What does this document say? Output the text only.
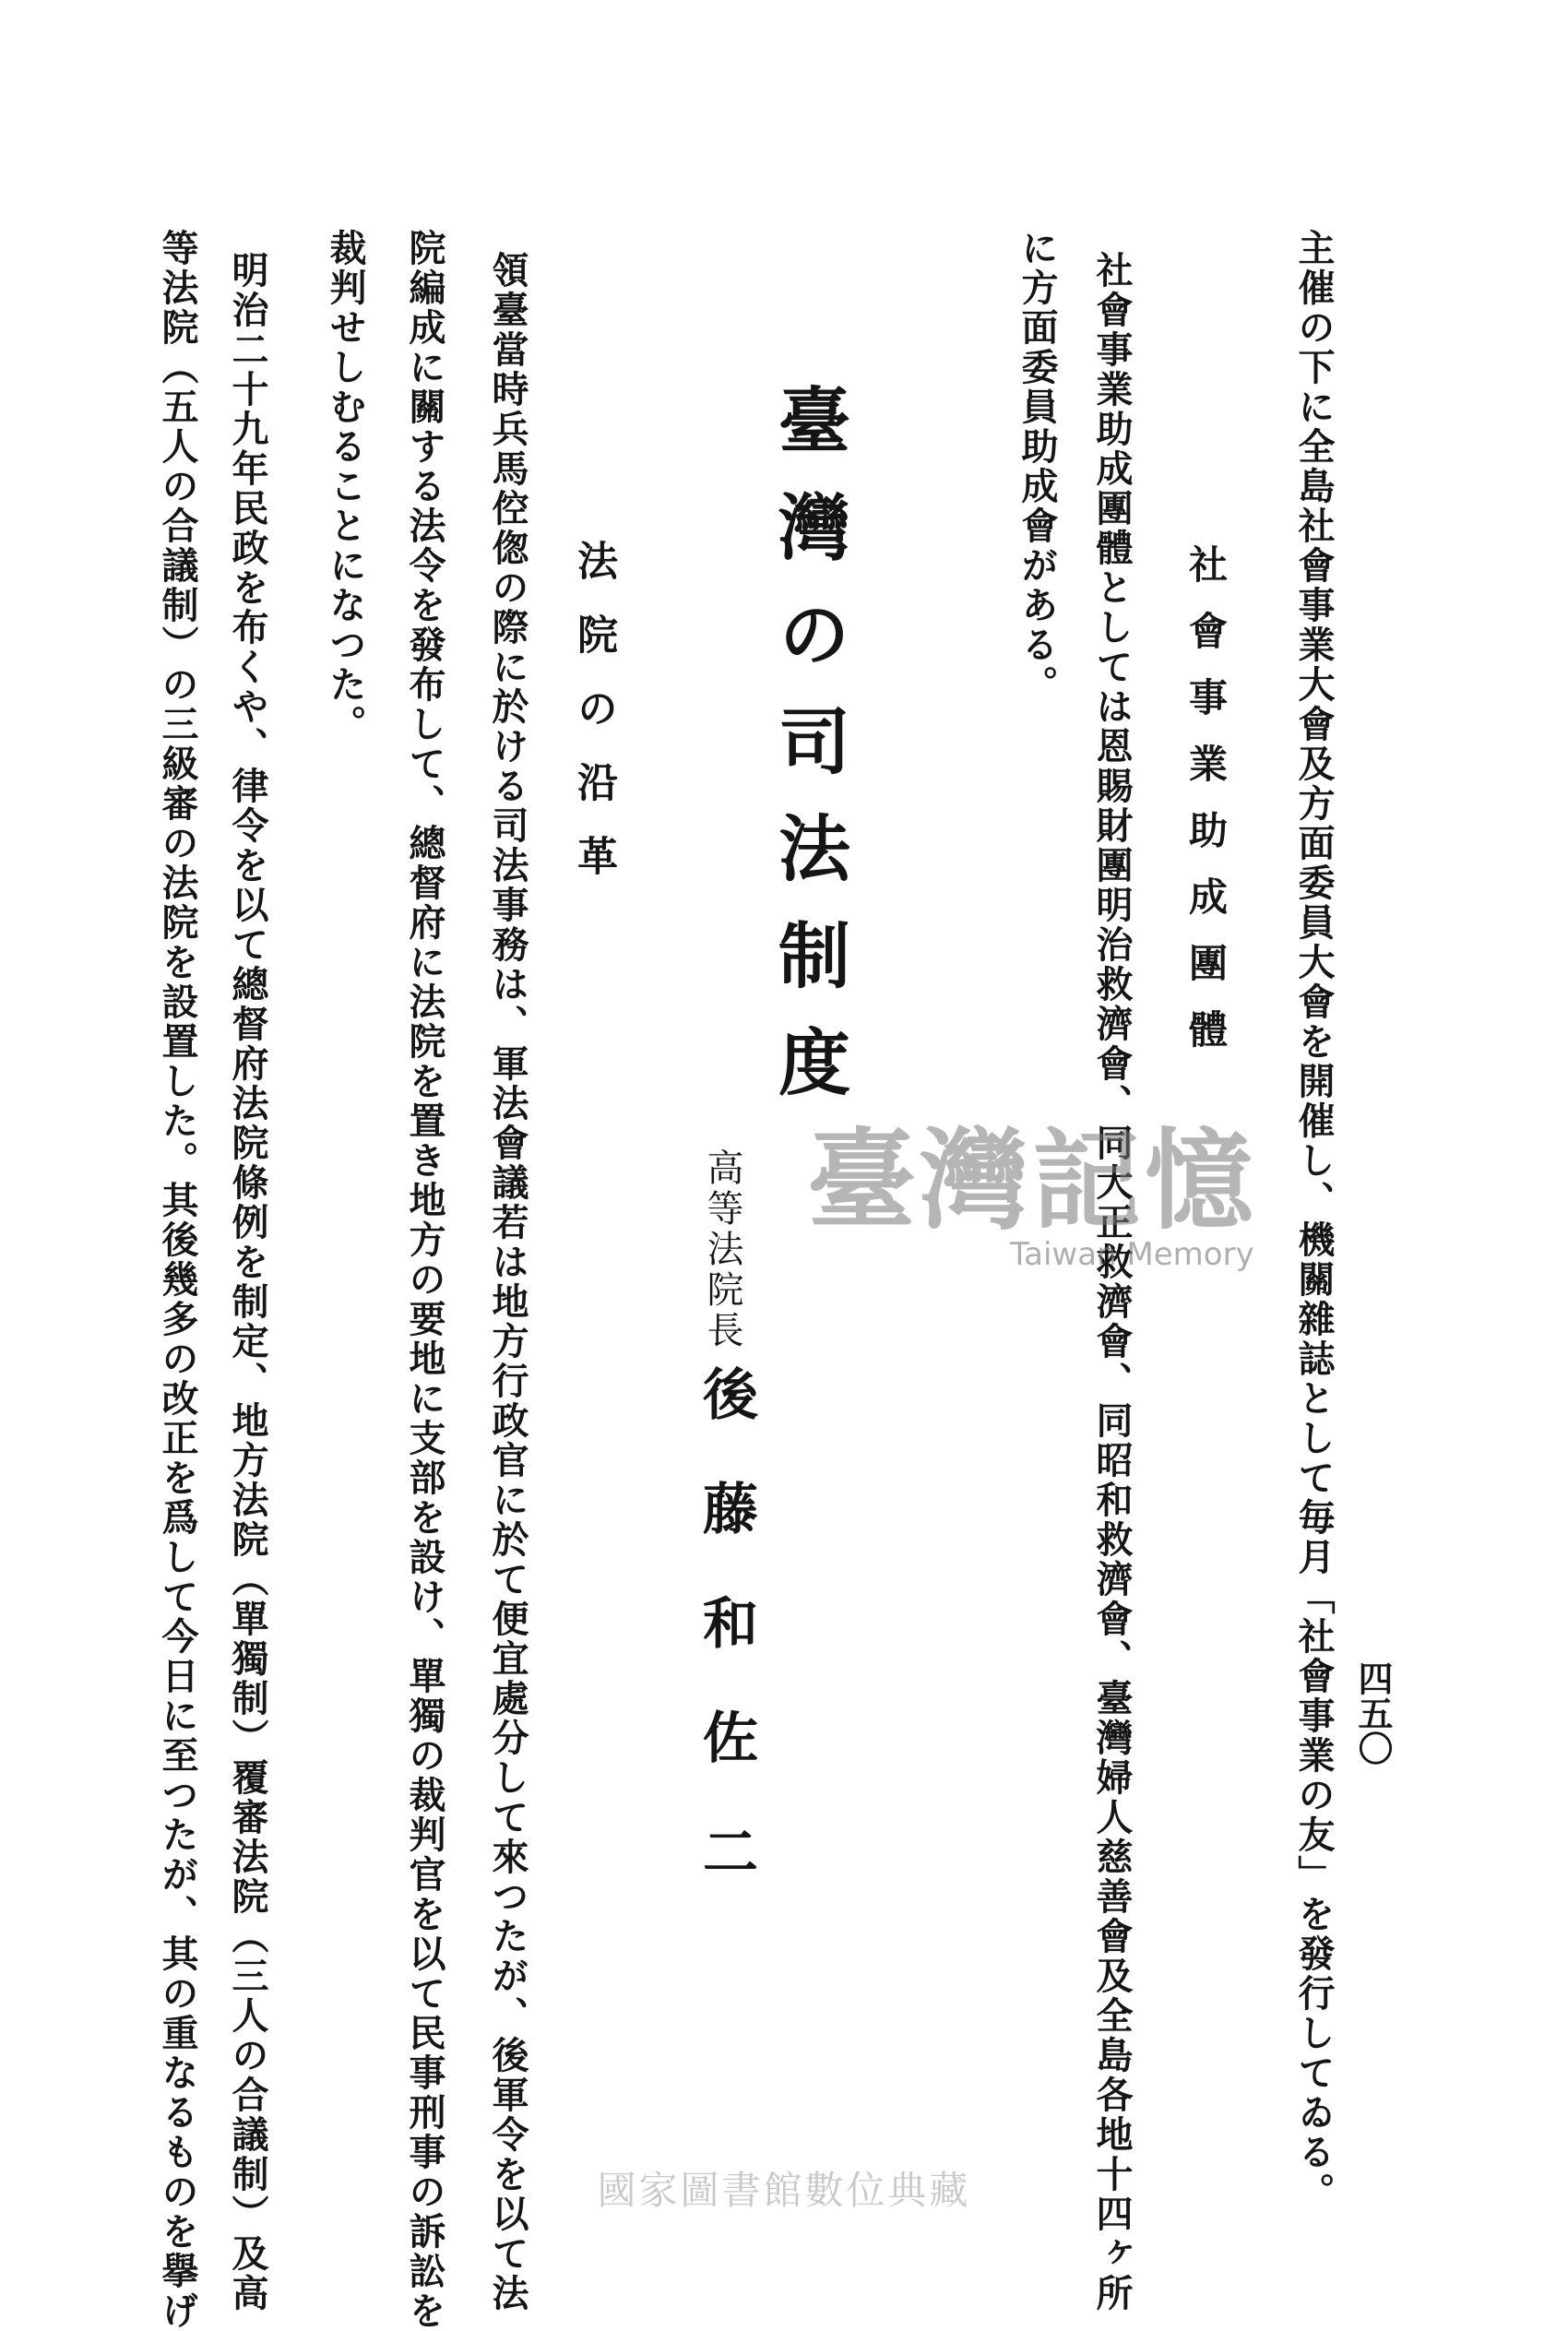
四五〇

主催の下に全島社會事業大會及方面委員大會を開催し、機關雜誌として毎月「社會事業の友」を發行してゐる。

社會事業助成團體

社會事業助成團體としては恩賜財團明治救濟會、同大正救濟會、同昭和救濟會、臺灣婦人慈善會及全島各地十四ヶ所

に方面委員助成會がある。

臺灣の司法制度
高等法院長
後藤和佐二
法院の沿革

領臺當時兵馬倥偬の際に於ける司法事務は、軍法會議若は地方行政官に於て便宜處分して來つたが、後軍令を以て法

院編成に關する法令を發布して、總督府に法院を置き地方の要地に支部を設け、單獨の裁判官を以て民事刑事の訴訟を

裁判せしむることになつた。

明治二十九年民政を布くや、律令を以て總督府法院條例を制定、地方法院（單獨制）覆審法院（三人の合議制）及高

等法院（五人の合議制）の三級審の法院を設置した。其後幾多の改正を爲して今日に至つたが、其の重なるものを擧げ	臺灣記憶
Taiwan Memory
國家圖書館數位典藏
